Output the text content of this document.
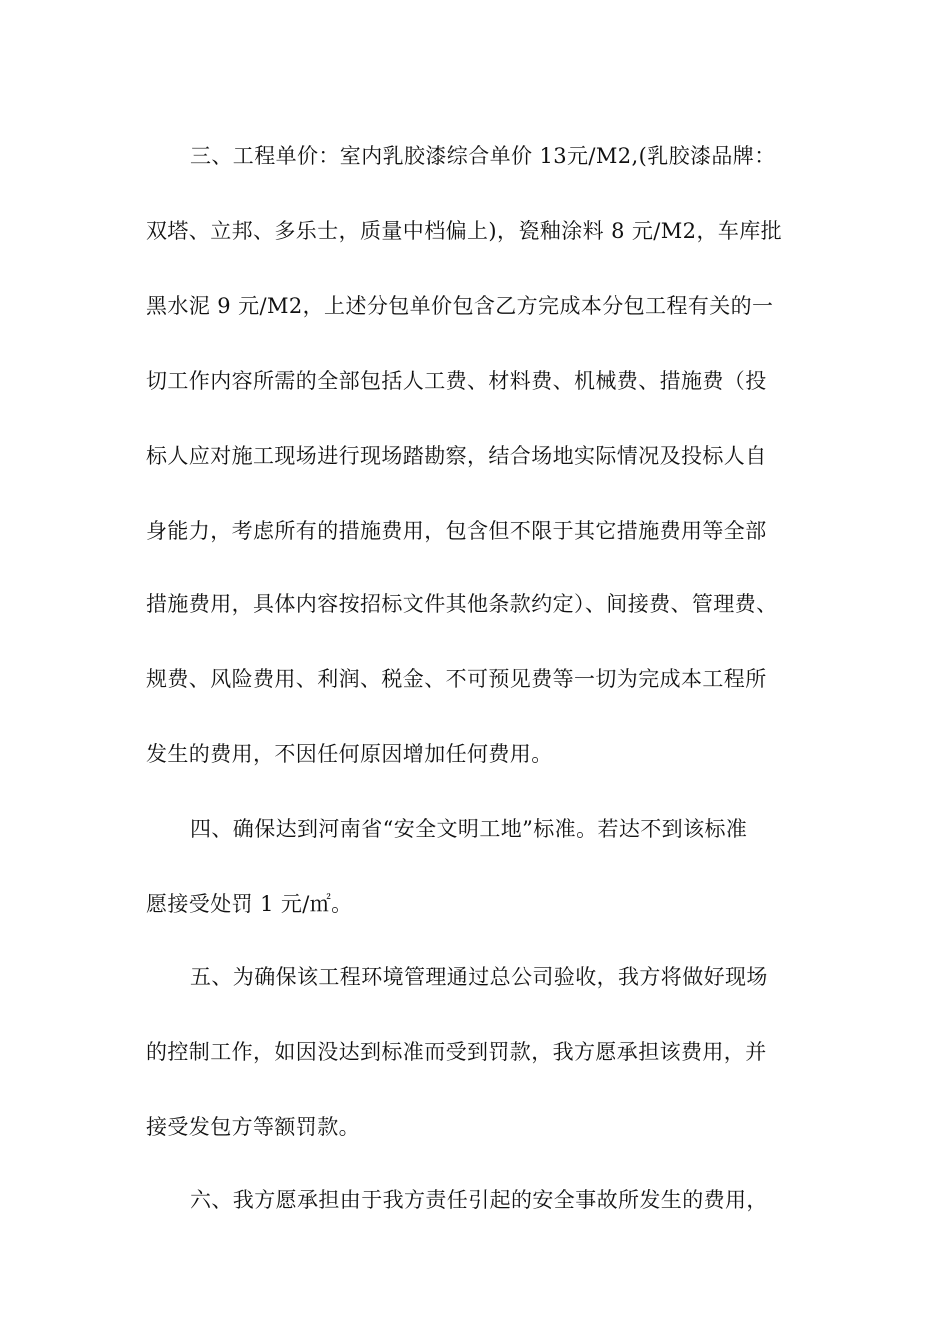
三、工程单价：室内乳胶漆综合单价 13元/M2,(乳胶漆品牌：
双塔、立邦、多乐士，质量中档偏上)，瓷釉涂料 8 元/M2，车库批
黑水泥 9 元/M2，上述分包单价包含乙方完成本分包工程有关的一
切工作内容所需的全部包括人工费、材料费、机械费、措施费（投
标人应对施工现场进行现场踏勘察，结合场地实际情况及投标人自
身能力，考虑所有的措施费用，包含但不限于其它措施费用等全部
措施费用，具体内容按招标文件其他条款约定）、间接费、管理费、
规费、风险费用、利润、税金、不可预见费等一切为完成本工程所
发生的费用，不因任何原因增加任何费用。
四、确保达到河南省“安全文明工地”标准。若达不到该标准
愿接受处罚 1 元/㎡。
五、为确保该工程环境管理通过总公司验收，我方将做好现场
的控制工作，如因没达到标准而受到罚款，我方愿承担该费用，并
接受发包方等额罚款。
六、我方愿承担由于我方责任引起的安全事故所发生的费用，
